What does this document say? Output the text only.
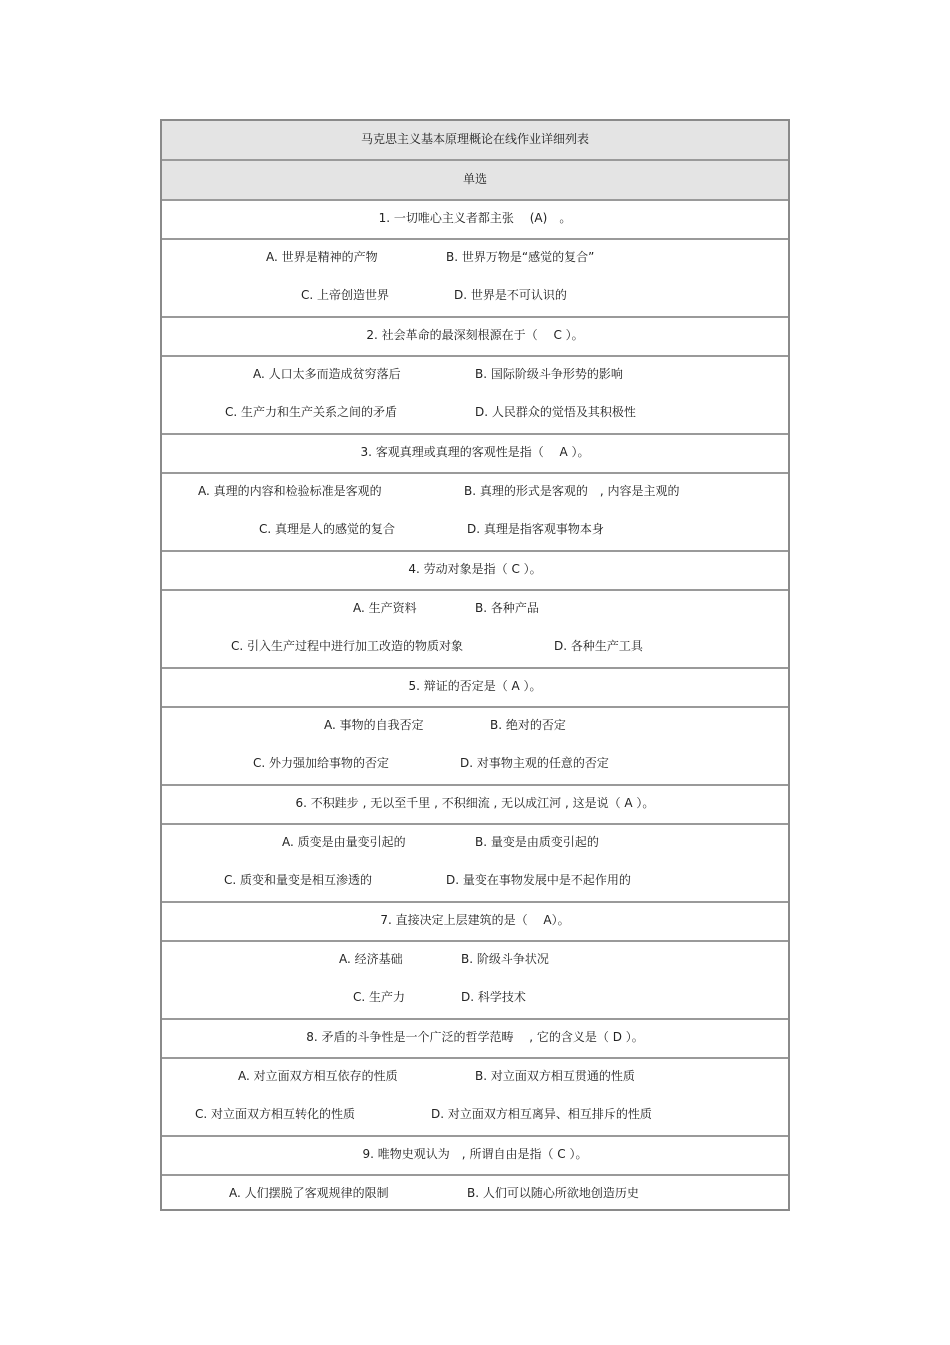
马克思主义基本原理概论在线作业详细列表
单选
1. 一切唯心主义者都主张　 (A)　。
A. 世界是精神的产物	B. 世界万物是“感觉的复合”
C. 上帝创造世界	D. 世界是不可认识的
2. 社会革命的最深刻根源在于（　 C ）。
A. 人口太多而造成贫穷落后	B. 国际阶级斗争形势的影响
C. 生产力和生产关系之间的矛盾	D. 人民群众的觉悟及其积极性
3. 客观真理或真理的客观性是指（　 A ）。
A. 真理的内容和检验标准是客观的	B. 真理的形式是客观的　, 内容是主观的
C. 真理是人的感觉的复合	D. 真理是指客观事物本身
4. 劳动对象是指（ C ）。
A. 生产资料	B. 各种产品
C. 引入生产过程中进行加工改造的物质对象	D. 各种生产工具
5. 辩证的否定是（ A ）。
A. 事物的自我否定	B. 绝对的否定
C. 外力强加给事物的否定	D. 对事物主观的任意的否定
6. 不积跬步 , 无以至千里 , 不积细流 , 无以成江河 , 这是说（ A ）。
A. 质变是由量变引起的	B. 量变是由质变引起的
C. 质变和量变是相互渗透的	D. 量变在事物发展中是不起作用的
7. 直接决定上层建筑的是（　 A）。
A. 经济基础	B. 阶级斗争状况
C. 生产力	D. 科学技术
8. 矛盾的斗争性是一个广泛的哲学范畴　 , 它的含义是（ D ）。
A. 对立面双方相互依存的性质	B. 对立面双方相互贯通的性质
C. 对立面双方相互转化的性质	D. 对立面双方相互离异、相互排斥的性质
9. 唯物史观认为　, 所谓自由是指（ C ）。
A. 人们摆脱了客观规律的限制	B. 人们可以随心所欲地创造历史
